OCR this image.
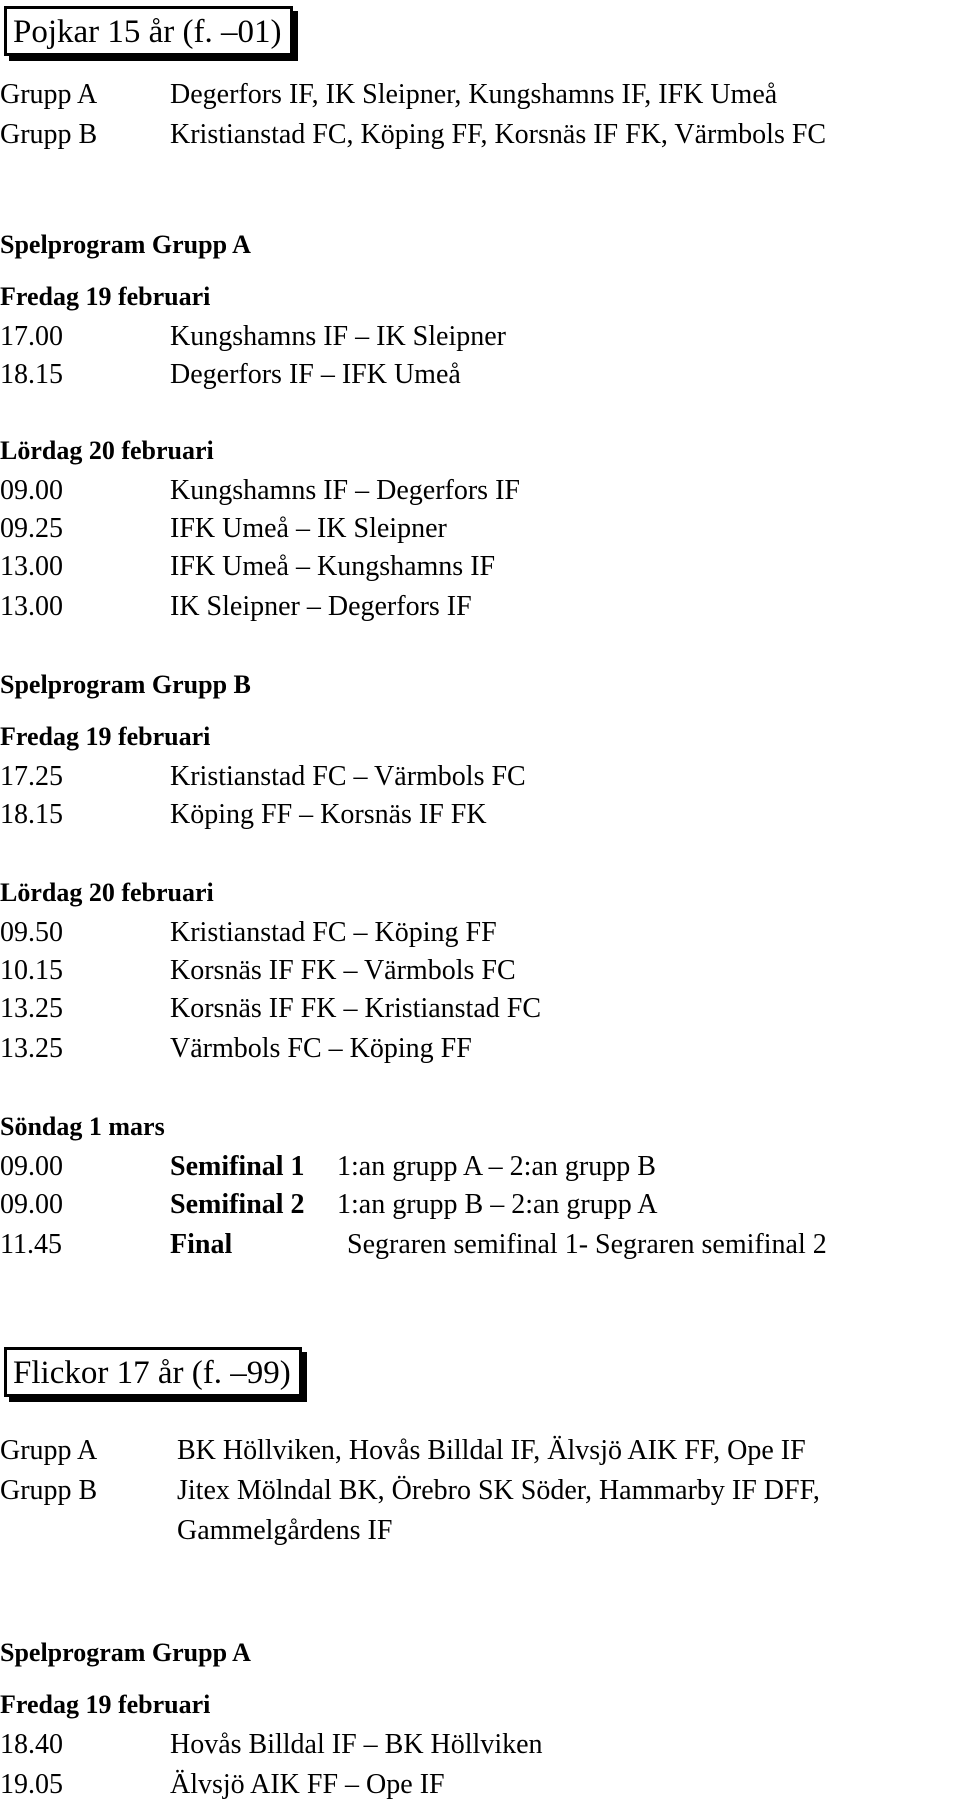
Pojkar 15 år (f. –01)
Grupp A	Degerfors IF, IK Sleipner, Kungshamns IF, IFK Umeå
Grupp B	Kristianstad FC, Köping FF, Korsnäs IF FK, Värmbols FC
Spelprogram Grupp A
Fredag 19 februari
17.00	Kungshamns IF – IK Sleipner
18.15	Degerfors IF – IFK Umeå
Lördag 20 februari
09.00	Kungshamns IF – Degerfors IF
09.25	IFK Umeå – IK Sleipner
13.00	IFK Umeå – Kungshamns IF
13.00	IK Sleipner – Degerfors IF
Spelprogram Grupp B
Fredag 19 februari
17.25	Kristianstad FC – Värmbols FC
18.15	Köping FF – Korsnäs IF FK
Lördag 20 februari
09.50	Kristianstad FC – Köping FF
10.15	Korsnäs IF FK – Värmbols FC
13.25	Korsnäs IF FK – Kristianstad FC
13.25	Värmbols FC – Köping FF
Söndag 1 mars
09.00	Semifinal 1 1:an grupp A – 2:an grupp B
09.00	Semifinal 2 1:an grupp B – 2:an grupp A
11.45	Final	Segraren semifinal 1- Segraren semifinal 2
Flickor 17 år (f. –99)
Grupp A	BK Höllviken, Hovås Billdal IF, Älvsjö AIK FF, Ope IF
Grupp B	Jitex Mölndal BK, Örebro SK Söder, Hammarby IF DFF,
Gammelgårdens IF
Spelprogram Grupp A
Fredag 19 februari
18.40	Hovås Billdal IF – BK Höllviken
19.05	Älvsjö AIK FF – Ope IF
